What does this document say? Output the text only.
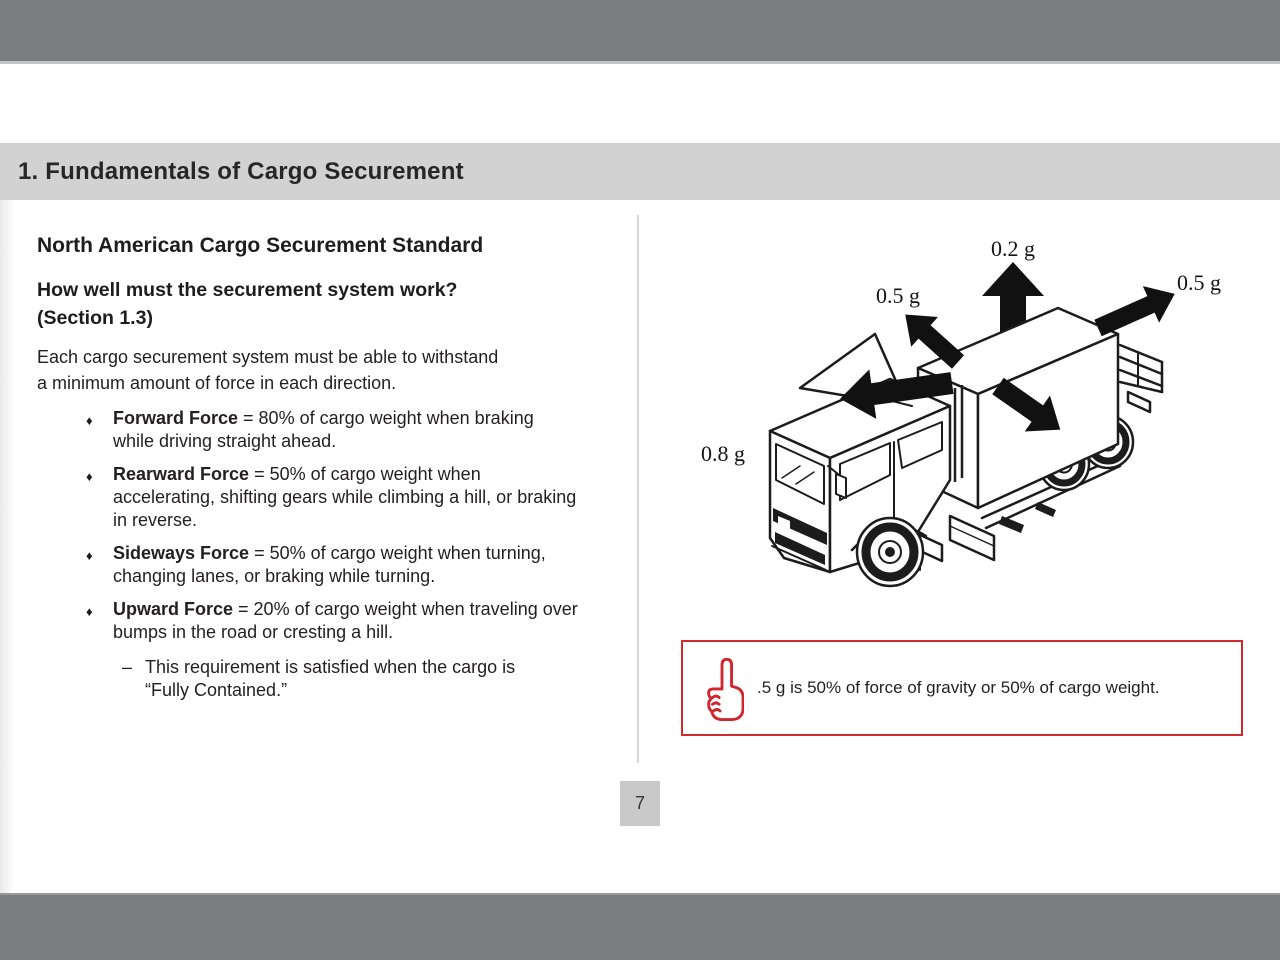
1. Fundamentals of Cargo Securement
North American Cargo Securement Standard
How well must the securement system work?
(Section 1.3)

Each cargo securement system must be able to withstand
a minimum amount of force in each direction.

♦ Forward Force = 80% of cargo weight when braking while driving straight ahead.
♦ Rearward Force = 50% of cargo weight when accelerating, shifting gears while climbing a hill, or braking in reverse.
♦ Sideways Force = 50% of cargo weight when turning, changing lanes, or braking while turning.
♦ Upward Force = 20% of cargo weight when traveling over bumps in the road or cresting a hill.
– This requirement is satisfied when the cargo is
“Fully Contained.”
0.2 g
0.5 g
0.5 g
0.8 g
.5 g is 50% of force of gravity or 50% of cargo weight.
7
